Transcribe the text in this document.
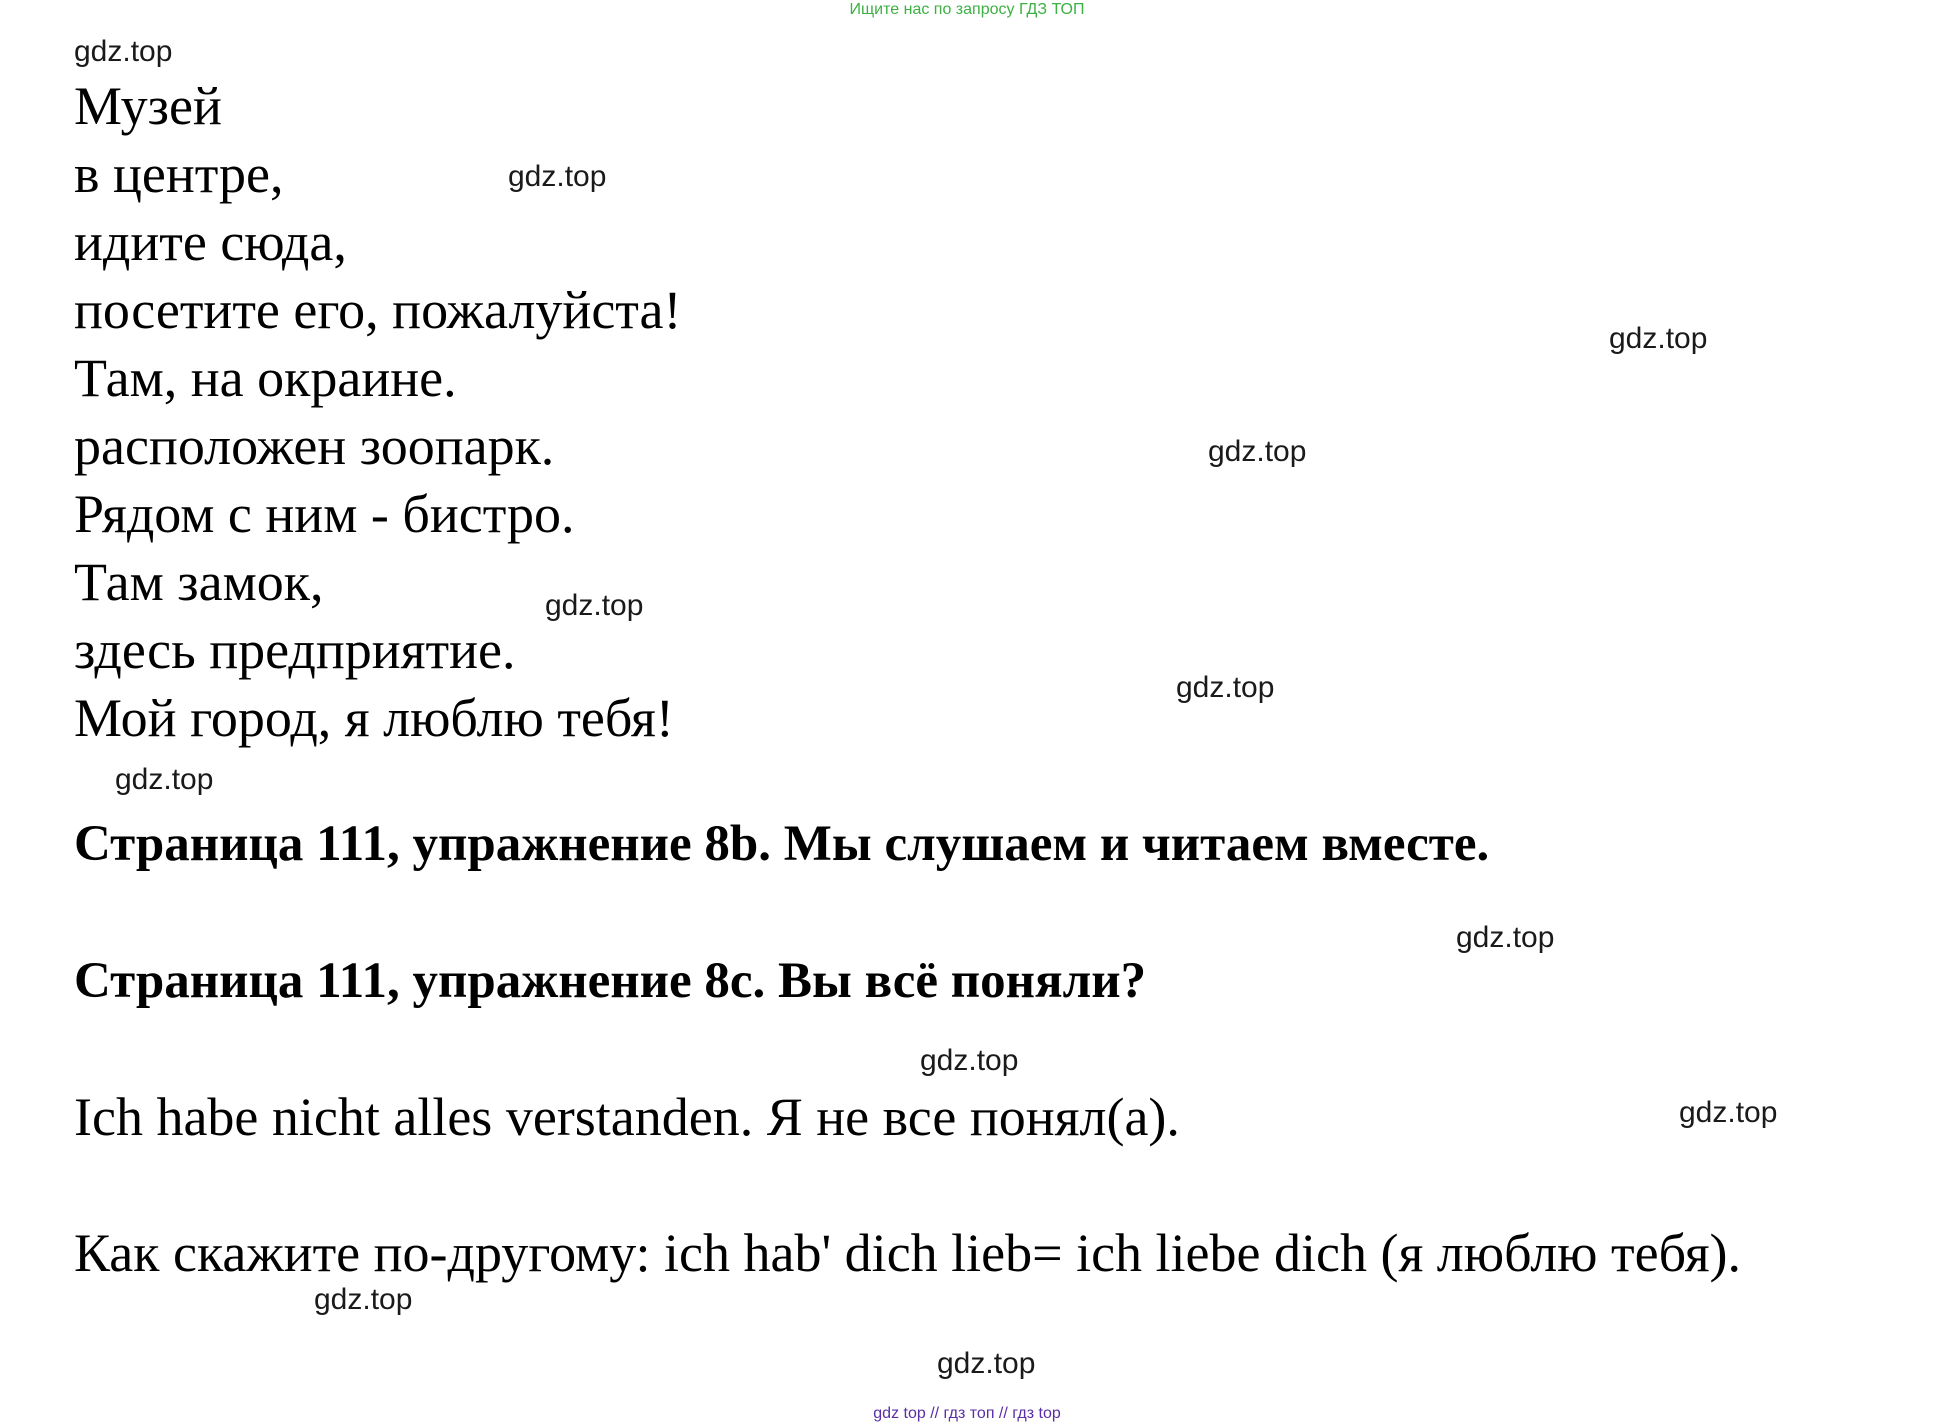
Ищите нас по запросу ГДЗ ТОП
Музей
в центре,
идите сюда,
посетите его, пожалуйста!
Там, на окраине.
расположен зоопарк.
Рядом с ним - бистро.
Там замок,
здесь предприятие.
Мой город, я люблю тебя!
Страница 111, упражнение 8b. Мы слушаем и читаем вместе.
Страница 111, упражнение 8c. Вы всё поняли?
Ich habe nicht alles verstanden. Я не все понял(а).
Как скажите по-другому: ich hab' dich lieb= ich liebe dich (я люблю тебя).
gdz.top
gdz.top
gdz.top
gdz.top
gdz.top
gdz.top
gdz.top
gdz.top
gdz.top
gdz.top
gdz.top
gdz.top
gdz top // гдз топ // гдз top
